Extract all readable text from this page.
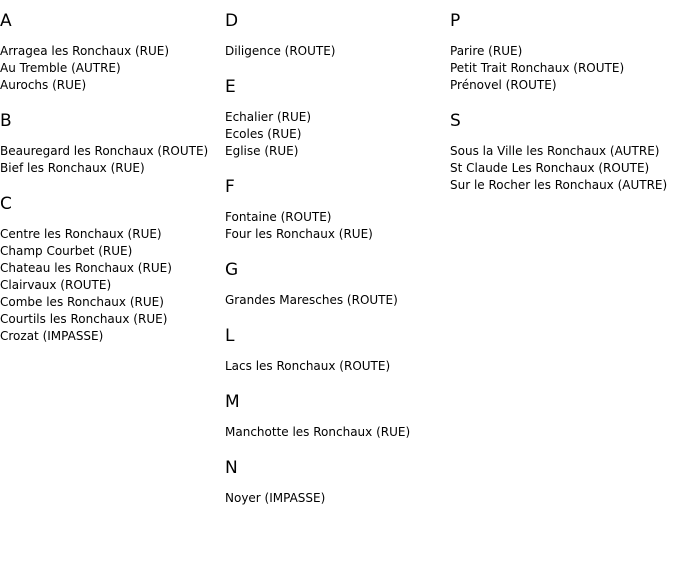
A
Arragea les Ronchaux (RUE)
Au Tremble (AUTRE)
Aurochs (RUE)
B
Beauregard les Ronchaux (ROUTE)
Bief les Ronchaux (RUE)
C
Centre les Ronchaux (RUE)
Champ Courbet (RUE)
Chateau les Ronchaux (RUE)
Clairvaux (ROUTE)
Combe les Ronchaux (RUE)
Courtils les Ronchaux (RUE)
Crozat (IMPASSE)
D
Diligence (ROUTE)
E
Echalier (RUE)
Ecoles (RUE)
Eglise (RUE)
F
Fontaine (ROUTE)
Four les Ronchaux (RUE)
G
Grandes Maresches (ROUTE)
L
Lacs les Ronchaux (ROUTE)
M
Manchotte les Ronchaux (RUE)
N
Noyer (IMPASSE)
P
Parire (RUE)
Petit Trait Ronchaux (ROUTE)
Prénovel (ROUTE)
S
Sous la Ville les Ronchaux (AUTRE)
St Claude Les Ronchaux (ROUTE)
Sur le Rocher les Ronchaux (AUTRE)
